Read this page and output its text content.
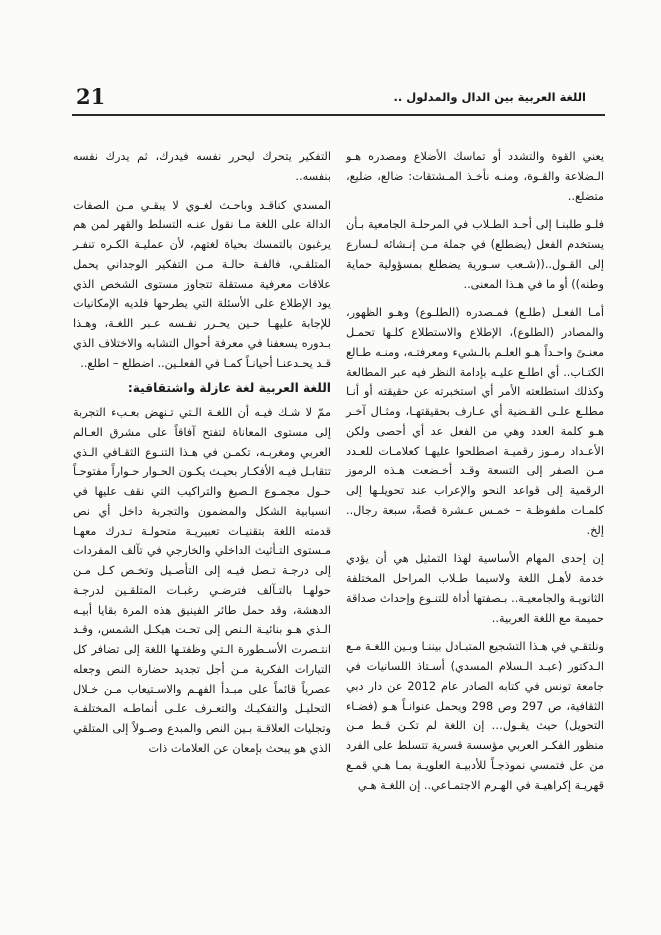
21	اللغة العربية بين الدال والمدلول ..

يعني القوة والتشدد أو تماسك الأضلاع ومصدره هـو الـضلاعة والقـوة، ومنـه نأخـذ المـشتقات: ضالع، ضليع، متضلع..

فلـو طلبنـا إلى أحـد الطـلاب في المرحلـة الجامعية بـأن يستخدم الفعل (يضطلع) في جملة مـن إنـشائه لـسارع إلى القـول..((شـعب سـورية يضطلع بمسؤولية حماية وطنه)) أو ما في هـذا المعنى..

أمـا الفعـل (طلـع) فمـصدره (الطلـوع) وهـو الظهور، والمصادر (الطلوع)، الإطلاع والاستطلاع كلـها تحمـل معنـىً واحـداً هـو العلـم بالـشيء ومعرفتـه، ومنـه طـالع الكتـاب.. أي اطلـع عليـه بإدامة النظر فيه عبر المطالعة وكذلك استطلعته الأمر أي استخبرته عن حقيقته أو أنـا مطلـع علـى القـضية أي عـارف بحقيقتهـا، ومثـال آخـر هـو كلمة العدد وهي من الفعل عد أي أحصى ولكن الأعـداد رمـوز رقميـة اصطلحوا عليهـا كعلامـات للعـدد مـن الصفر إلى التسعة وقـد أخـضعت هـذه الرموز الرقمية إلى قواعد النحو والإعراب عند تحويلـها إلى كلمـات ملفوظـة – خمـس عـشرة قصةً، سبعة رجال.. إلخ.

إن إحدى المهام الأساسية لهذا التمثيل هي أن يؤدي خدمة لأهـل اللغة ولاسيما طـلاب المراحل المختلفة الثانويـة والجامعيـة.. بـصفتها أداة للتنـوع وإحداث صداقة حميمة مع اللغة العربية..

ونلتقـي في هـذا التشجيع المتبـادل بيننـا وبـين اللغـة مـع الـدكتور (عبـد الـسلام المسدي) أسـتاذ اللسانيات في جامعة تونس في كتابه الصادر عام 2012 عن دار دبي الثقافية، ص 297 وص 298 ويحمل عنوانـاً هـو (فضـاء التحويل) حيث يقـول… إن اللغة لم تكـن قـط مـن منظور الفكـر العربي مؤسسة قسرية تتسلط على الفرد من عل فتمسي نموذجـاً للأدبيـة العلويـة بمـا هـي قمـع قهريـة إكراهيـة في الهـرم الاجتمـاعي.. إن اللغـة هـي

التفكير يتحرك ليحرر نفسه فيدرك، ثم يدرك نفسه بنفسه..

المسدي كناقـد وباحـث لغـوي لا يبقـي مـن الصفات الدالة على اللغة مـا نقول عنـه التسلط والقهر لمن هم يرغبون بالتمسك بحياة لغتهم، لأن عمليـة الكـره تنفـر المتلقـي، فالفـة حالـة مـن التفكير الوجداني يحمل علاقات معرفية مستقلة تتجاوز مستوى الشخص الذي يود الإطلاع على الأسئلة التي يطرحها فلديه الإمكانيات للإجابة عليهـا حـين يحـرر نفـسه عـبر اللغـة، وهـذا بـدوره يسعفنا في معرفة أحوال التشابه والاختلاف الذي قـد يحـدعنـا أحيانـاً كمـا في الفعلـين.. اضطلع – اطلع..

اللغة العربية لغة عازلة واشتقاقية:

ممّ لا شـك فيـه أن اللغـة الـتي تـنهض بعـبء التجربة إلى مستوى المعاناة لتفتح آفاقاً على مشرق العـالم العربي ومغربـه، تكمـن في هـذا التنـوع الثقـافي الـذي تتقابـل فيـه الأفكـار بحيـث يكـون الحـوار حـواراً مفتوحـاً حـول مجمـوع الـصيغ والتراكيب التي نقف عليها في انسيابية الشكل والمضمون والتجربة داخل أي نص قدمته اللغة بتقنيـات تعبيريـة متحولـة تـدرك معهـا مـستوى التـأثيث الداخلي والخارجي في تآلف المفردات إلى درجـة تـصل فيـه إلى التأصـيل وتخـص كـل مـن حولهـا بالتـآلف فترضـي رغبـات المتلقـين لدرجـة الدهشة، وقد حمل طائر الفينيق هذه المرة بقايا أبيـه الـذي هـو بنائيـة الـنص إلى تحـت هيكـل الشمس، وقـد انتـصرت الأسـطورة الـتي وظفتـها اللغة إلى تضافر كل التيارات الفكرية مـن أجل تجديد حضارة النص وجعله عصرياً قائماً على مبـدأ الفهـم والاسـتيعاب مـن خـلال التحليـل والتفكيـك والتعـرف علـى أنماطـه المختلفـة وتجليات العلاقـة بـين النص والمبدع وصـولاً إلى المتلقي الذي هو يبحث بإمعان عن العلامات ذات
